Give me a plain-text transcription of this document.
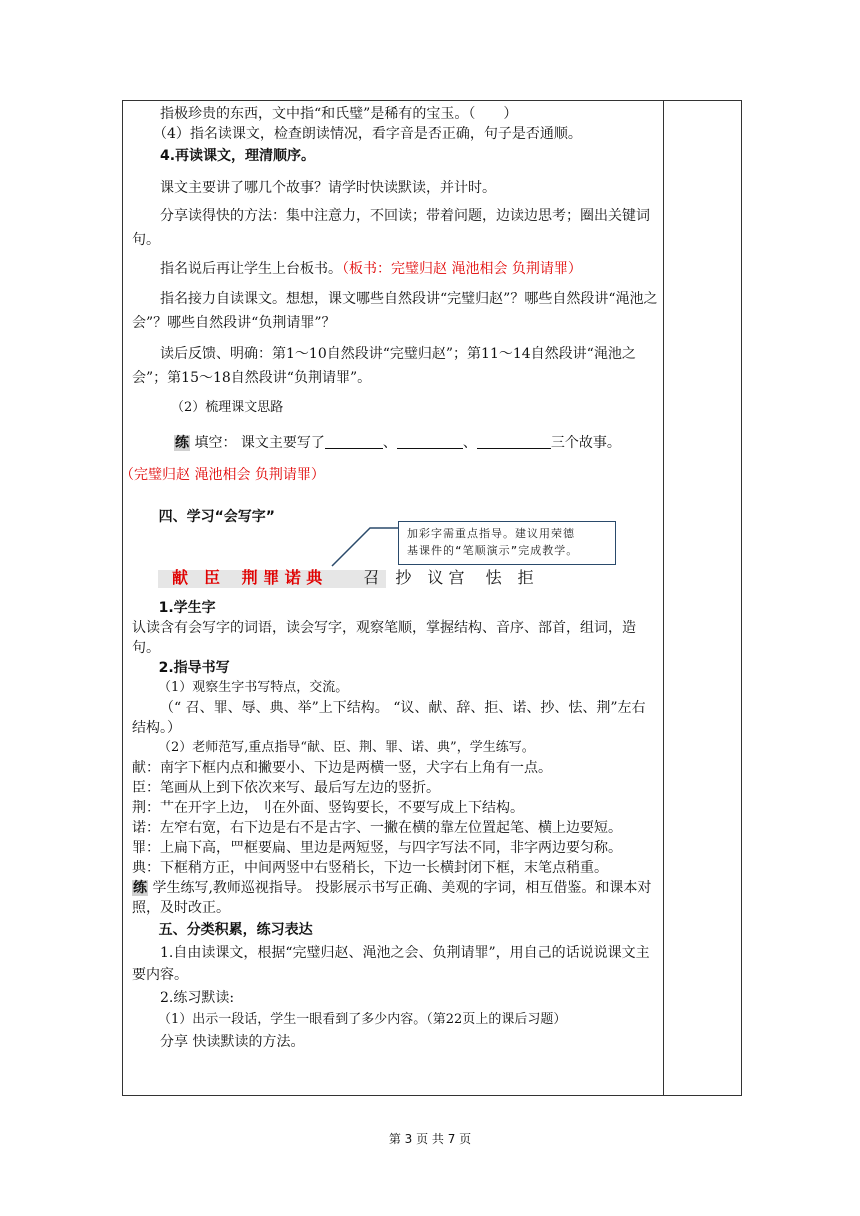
指极珍贵的东西，文中指“和氏璧”是稀有的宝玉。（　　）

（4）指名读课文，检查朗读情况，看字音是否正确，句子是否通顺。

4.再读课文，理清顺序。

课文主要讲了哪几个故事？请学时快读默读，并计时。

分享读得快的方法：集中注意力，不回读；带着问题，边读边思考；圈出关键词句。

指名说后再让学生上台板书。（板书：完璧归赵 渑池相会 负荆请罪）

指名接力自读课文。想想，课文哪些自然段讲“完璧归赵”？哪些自然段讲“渑池之会”？哪些自然段讲“负荆请罪”？

读后反馈、明确：第1～10自然段讲“完璧归赵”；第11～14自然段讲“渑池之会”；第15～18自然段讲“负荆请罪”。

（2）梳理课文思路

练 填空： 课文主要写了	、	、	三个故事。

（完璧归赵 渑池相会 负荆请罪）

四、学习“会写字”

加彩字需重点指导。建议用荣德
基课件的“笔顺演示”完成教学。
献　臣　 荆 罪 诺 典	召　抄　议 宫　 怯　拒

1.学生字

认读含有会写字的词语，读会写字，观察笔顺，掌握结构、音序、部首，组词，造句。

2.指导书写

（1）观察生字书写特点，交流。

（“ 召、罪、辱、典、举”上下结构。 “议、献、辞、拒、诺、抄、怯、荆”左右结构。）

（2）老师范写,重点指导“献、臣、荆、罪、诺、典”，学生练写。

献：南字下框内点和撇要小、下边是两横一竖，犬字右上角有一点。

臣：笔画从上到下依次来写、最后写左边的竖折。

荆：艹在开字上边，刂在外面、竖钩要长，不要写成上下结构。

诺：左窄右宽，右下边是右不是古字、一撇在横的靠左位置起笔、横上边要短。

罪：上扁下高，罒框要扁、里边是两短竖，与四字写法不同，非字两边要匀称。

典：下框稍方正，中间两竖中右竖稍长，下边一长横封闭下框，末笔点稍重。

练 学生练写,教师巡视指导。 投影展示书写正确、美观的字词，相互借鉴。和课本对照，及时改正。

五、分类积累，练习表达

1.自由读课文，根据“完璧归赵、渑池之会、负荆请罪”，用自己的话说说课文主要内容。

2.练习默读:

（1）出示一段话，学生一眼看到了多少内容。（第22页上的课后习题）

分享 快读默读的方法。

第 3 页 共 7 页
